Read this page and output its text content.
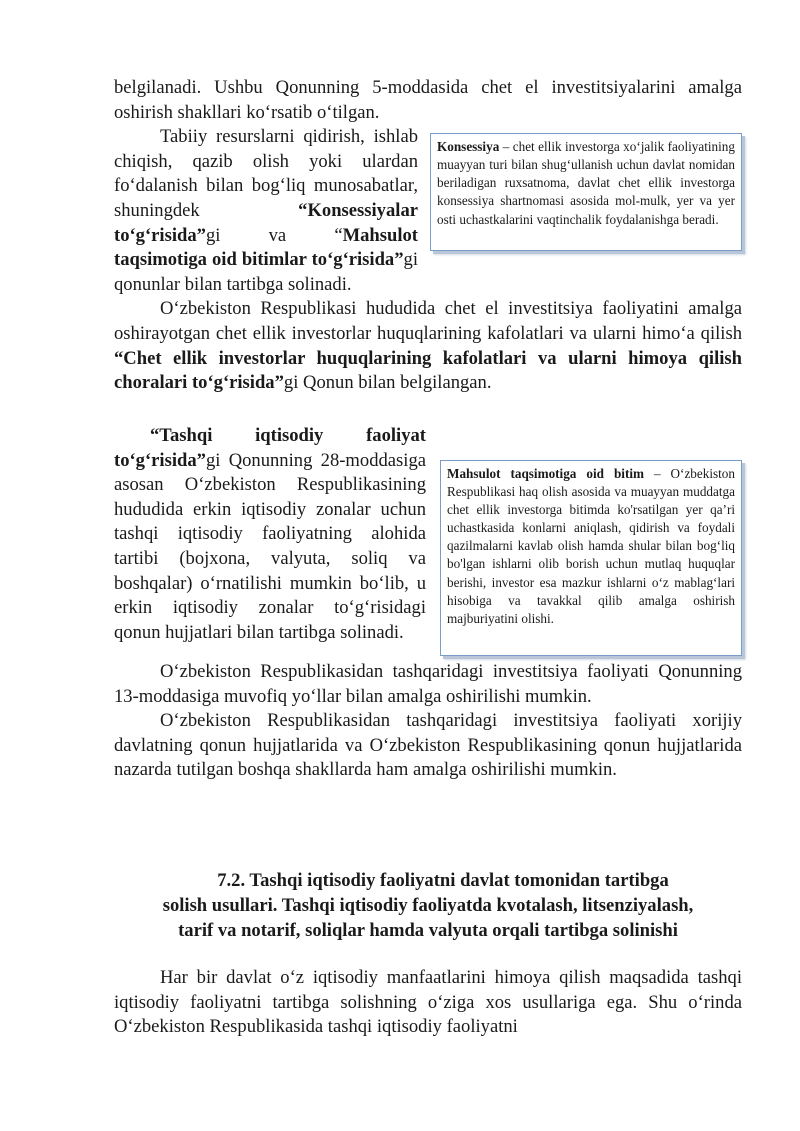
belgilanadi. Ushbu Qonunning 5-moddasida chet el investitsiyalarini amalga oshirish shakllari ko‘rsatib o‘tilgan.

Konsessiya – chet ellik investorga xo‘jalik faoliyatining muayyan turi bilan shug‘ullanish uchun davlat nomidan beriladigan ruxsatnoma, davlat chet ellik investorga konsessiya shartnomasi asosida mol-mulk, yer va yer osti uchastkalarini vaqtinchalik foydalanishga beradi.

Tabiiy resurslarni qidirish, ishlab chiqish, qazib olish yoki ulardan fo‘dalanish bilan bog‘liq munosabatlar, shuningdek “Konsessiyalar to‘g‘risida”gi va “Mahsulot taqsimotiga oid bitimlar to‘g‘risida”gi qonunlar bilan tartibga solinadi.

O‘zbekiston Respublikasi hududida chet el investitsiya faoliyatini amalga oshirayotgan chet ellik investorlar huquqlarining kafolatlari va ularni himo‘a qilish “Chet ellik investorlar huquqlarining kafolatlari va ularni himoya qilish choralari to‘g‘risida”gi Qonun bilan belgilangan.

Mahsulot taqsimotiga oid bitim – O‘zbekiston Respublikasi haq olish asosida va muayyan muddatga chet ellik investorga bitimda ko'rsatilgan yer qa’ri uchastkasida konlarni aniqlash, qidirish va foydali qazilmalarni kavlab olish hamda shular bilan bog‘liq bo'lgan ishlarni olib borish uchun mutlaq huquqlar berishi, investor esa mazkur ishlarni o‘z mablag‘lari hisobiga va tavakkal qilib amalga oshirish majburiyatini olishi.

“Tashqi iqtisodiy faoliyat to‘g‘risida”gi Qonunning 28-moddasiga asosan O‘zbekiston Respublikasining hududida erkin iqtisodiy zonalar uchun tashqi iqtisodiy faoliyatning alohida tartibi (bojxona, valyuta, soliq va boshqalar) o‘rnatilishi mumkin bo‘lib, u erkin iqtisodiy zonalar to‘g‘risidagi qonun hujjatlari bilan tartibga solinadi.

O‘zbekiston Respublikasidan tashqaridagi investitsiya faoliyati Qonunning 13-moddasiga muvofiq yo‘llar bilan amalga oshirilishi mumkin.

O‘zbekiston Respublikasidan tashqaridagi investitsiya faoliyati xorijiy davlatning qonun hujjatlarida va O‘zbekiston Respublikasining qonun hujjatlarida nazarda tutilgan boshqa shakllarda ham amalga oshirilishi mumkin.

7.2. Tashqi iqtisodiy faoliyatni davlat tomonidan tartibga
solish usullari. Tashqi iqtisodiy faoliyatda kvotalash, litsenziyalash,
tarif va notarif, soliqlar hamda valyuta orqali tartibga solinishi

Har bir davlat o‘z iqtisodiy manfaatlarini himoya qilish maqsadida tashqi iqtisodiy faoliyatni tartibga solishning o‘ziga xos usullariga ega. Shu o‘rinda O‘zbekiston Respublikasida tashqi iqtisodiy faoliyatni
